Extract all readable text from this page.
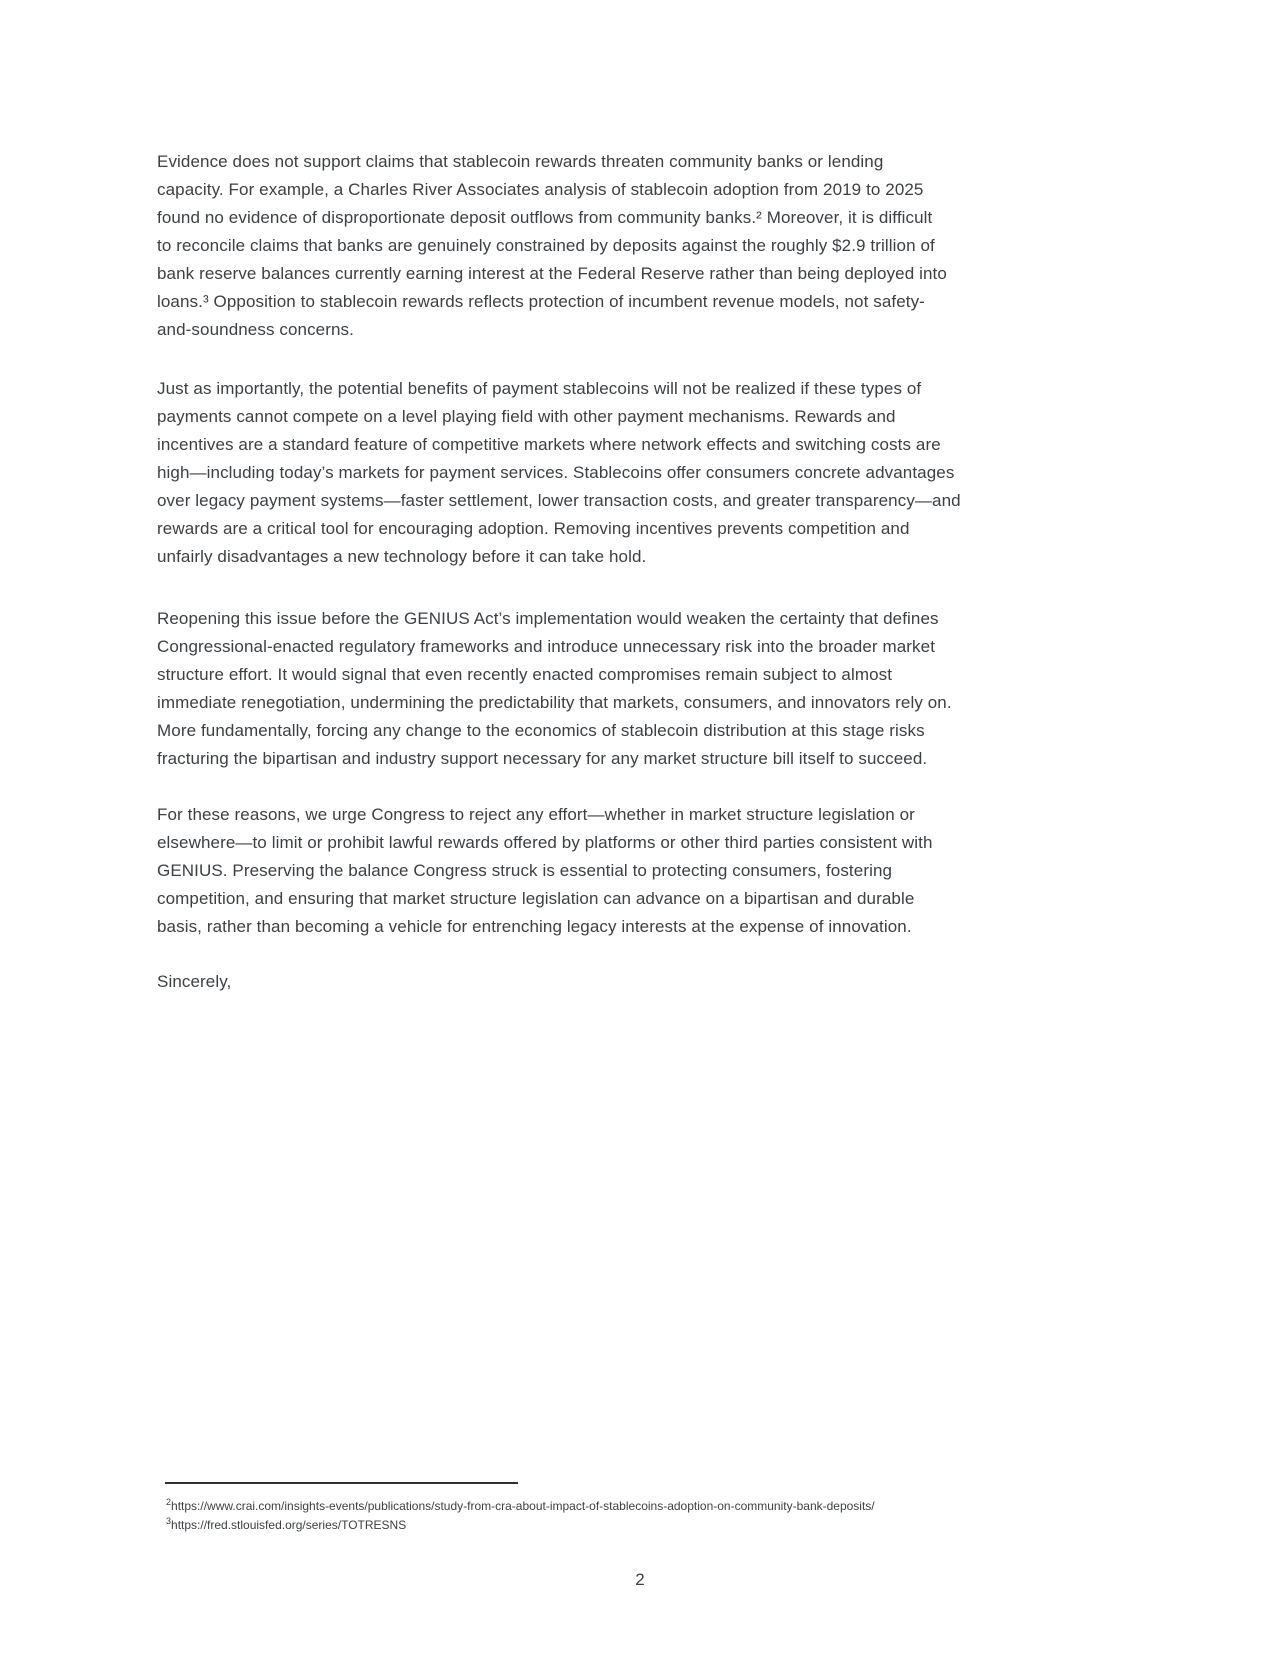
Evidence does not support claims that stablecoin rewards threaten community banks or lending
capacity. For example, a Charles River Associates analysis of stablecoin adoption from 2019 to 2025
found no evidence of disproportionate deposit outflows from community banks.² Moreover, it is difficult
to reconcile claims that banks are genuinely constrained by deposits against the roughly $2.9 trillion of
bank reserve balances currently earning interest at the Federal Reserve rather than being deployed into
loans.³ Opposition to stablecoin rewards reflects protection of incumbent revenue models, not safety-
and-soundness concerns.
Just as importantly, the potential benefits of payment stablecoins will not be realized if these types of
payments cannot compete on a level playing field with other payment mechanisms. Rewards and
incentives are a standard feature of competitive markets where network effects and switching costs are
high—including today’s markets for payment services. Stablecoins offer consumers concrete advantages
over legacy payment systems—faster settlement, lower transaction costs, and greater transparency—and
rewards are a critical tool for encouraging adoption. Removing incentives prevents competition and
unfairly disadvantages a new technology before it can take hold.
Reopening this issue before the GENIUS Act’s implementation would weaken the certainty that defines
Congressional-enacted regulatory frameworks and introduce unnecessary risk into the broader market
structure effort. It would signal that even recently enacted compromises remain subject to almost
immediate renegotiation, undermining the predictability that markets, consumers, and innovators rely on.
More fundamentally, forcing any change to the economics of stablecoin distribution at this stage risks
fracturing the bipartisan and industry support necessary for any market structure bill itself to succeed.
For these reasons, we urge Congress to reject any effort—whether in market structure legislation or
elsewhere—to limit or prohibit lawful rewards offered by platforms or other third parties consistent with
GENIUS. Preserving the balance Congress struck is essential to protecting consumers, fostering
competition, and ensuring that market structure legislation can advance on a bipartisan and durable
basis, rather than becoming a vehicle for entrenching legacy interests at the expense of innovation.
Sincerely,
$^2$https://www.crai.com/insights-events/publications/study-from-cra-about-impact-of-stablecoins-adoption-on-community-bank-deposits/
$^3$https://fred.stlouisfed.org/series/TOTRESNS
2
